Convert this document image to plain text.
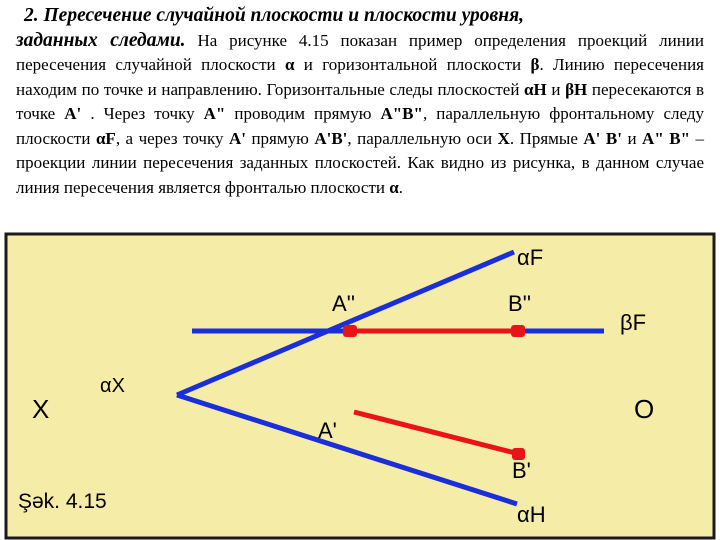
2. Пересечение случайной плоскости и плоскости уровня,
заданных следами. На рисунке 4.15 показан пример определения проекций линии пересечения случайной плоскости α и горизонтальной плоскости β. Линию пересечения находим по точке и направлению. Горизонтальные следы плоскостей αН и βН пересекаются в точке А' . Через точку А" проводим прямую А"В", параллельную фронтальному следу плоскости αF, а через точку А' прямую А'В', параллельную оси Х. Прямые А' В' и А" В" – проекции линии пересечения заданных плоскостей. Как видно из рисунка, в данном случае линия пересечения является фронталью плоскости α.
αF
A''	B''
βF
αX
X	O
A'
B'
αH
Şək. 4.15
